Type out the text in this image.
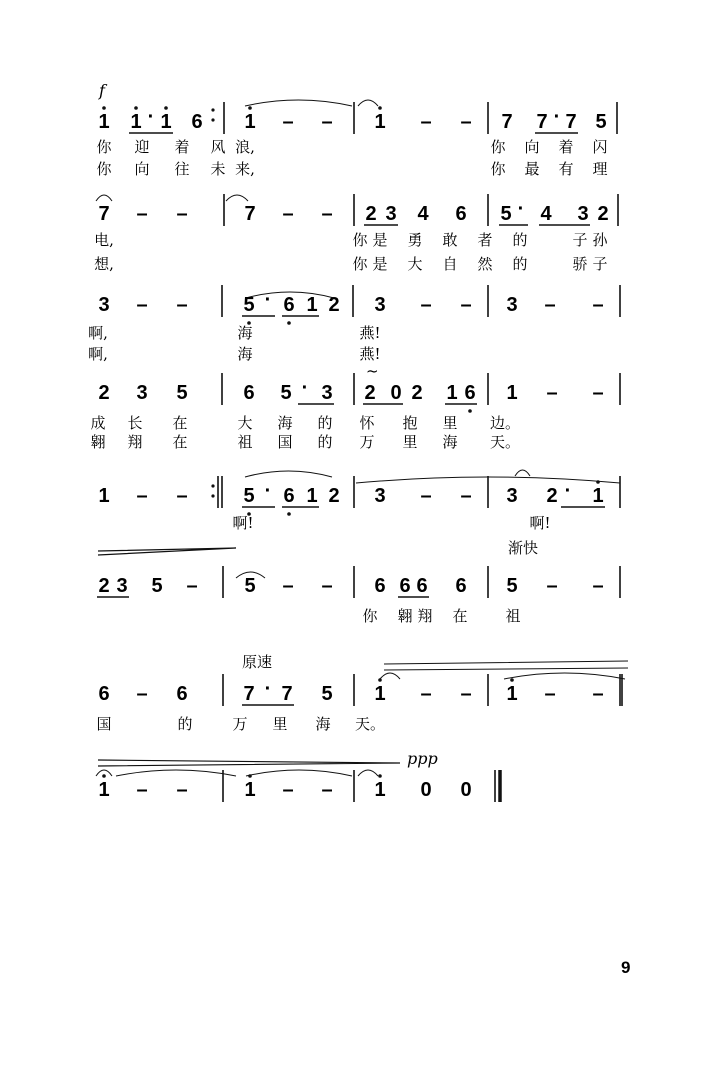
~
1 1 · 1 6 1 – – 1 – – 7 7 · 7 5
你 迎 着 风 浪,	你 向 着 闪
你 向 往 未 来,	你 最 有 理
7 – –	7 – – 2 3 4 6 5 · 4 3 2
电,	你 是 勇 敢 者 的	子 孙
想,	你 是 大 自 然 的	骄 子
3 – –	5 · 6 1 2 3 – – 3 – –
啊,	海	燕!
啊,	海	燕!
2 3 5	6 5 · 3 2 0 2 1 6 1 – –
成 长 在	大 海 的 怀 抱 里 边。
翱 翔 在	祖 国 的 万 里 海 天。
1 – –	5 · 6 1 2 3 – – 3 2 · 1
啊!	啊!
2 3 5 – 5 – – 6 6 6 6 5 – –
你 翱 翔 在	祖
6 – 6	7 · 7 5 1 – – 1 – –
国	的	万 里 海 天。
1 – –	1 – – 1 0 0
f
渐快
原速
ppp
9
